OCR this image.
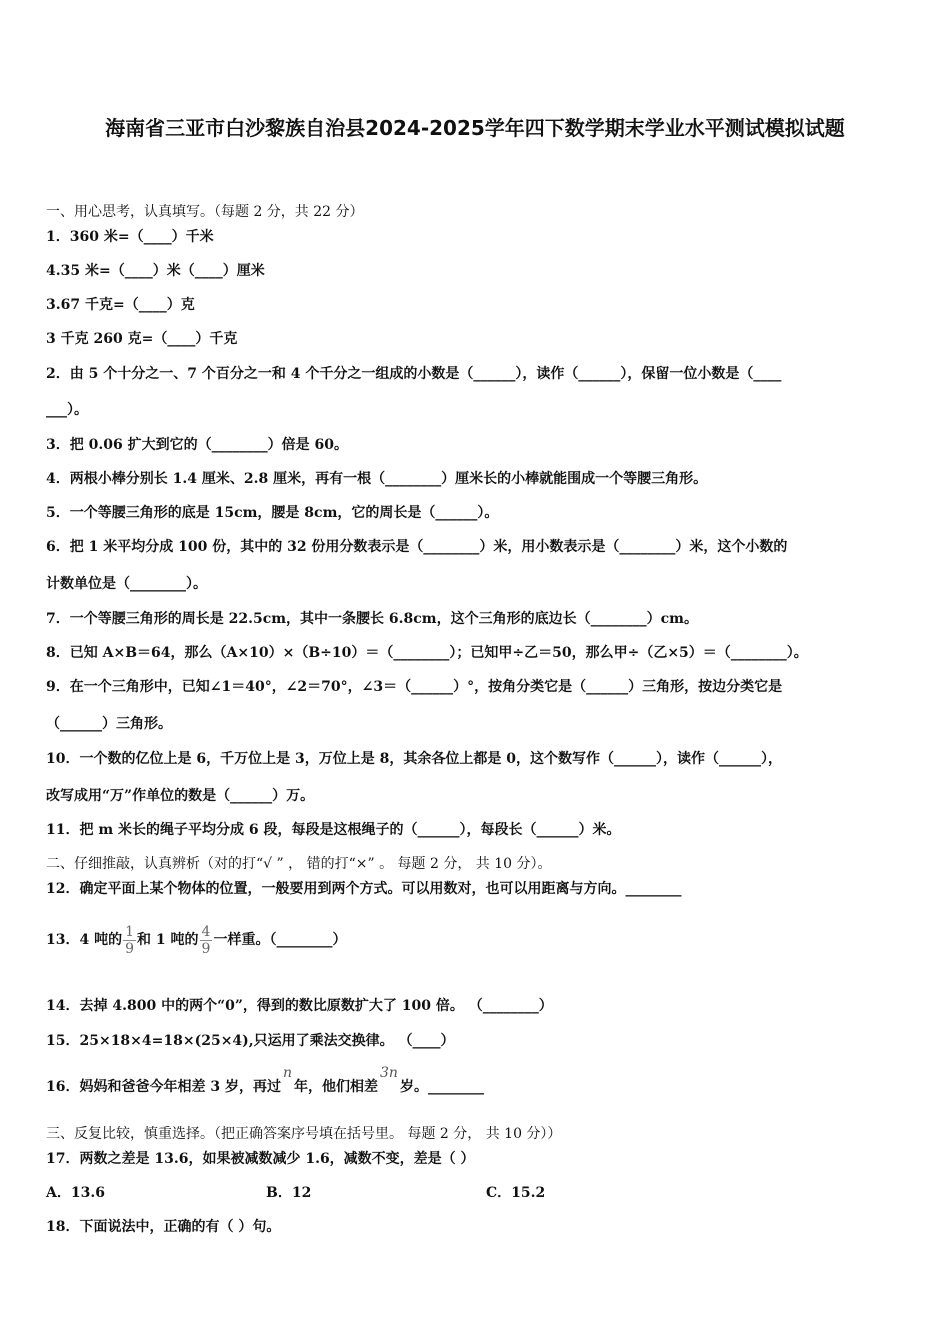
海南省三亚市白沙黎族自治县2024-2025学年四下数学期末学业水平测试模拟试题
一、用心思考，认真填写。（每题 2 分，共 22 分）
1．360 米=（____）千米
4.35 米=（____）米（____）厘米
3.67 千克=（____）克
3 千克 260 克=（____）千克
2．由 5 个十分之一、7 个百分之一和 4 个千分之一组成的小数是（______），读作（______），保留一位小数是（____
___）。
3．把 0.06 扩大到它的（________）倍是 60。
4．两根小棒分别长 1.4 厘米、2.8 厘米，再有一根（________）厘米长的小棒就能围成一个等腰三角形。
5．一个等腰三角形的底是 15cm，腰是 8cm，它的周长是（______）。
6．把 1 米平均分成 100 份，其中的 32 份用分数表示是（________）米，用小数表示是（________）米，这个小数的
计数单位是（________）。
7．一个等腰三角形的周长是 22.5cm，其中一条腰长 6.8cm，这个三角形的底边长（________）cm。
8．已知 A×B＝64，那么（A×10）×（B÷10）＝（________）；已知甲÷乙＝50，那么甲÷（乙×5）＝（________）。
9．在一个三角形中，已知∠1＝40°，∠2＝70°，∠3＝（______）°，按角分类它是（______）三角形，按边分类它是
（______）三角形。
10．一个数的亿位上是 6，千万位上是 3，万位上是 8，其余各位上都是 0，这个数写作（______），读作（______），
改写成用“万”作单位的数是（______）万。
11．把 m 米长的绳子平均分成 6 段，每段是这根绳子的（______），每段长（______）米。
二、仔细推敲，认真辨析（对的打“√ ” ， 错的打“×” 。 每题 2 分， 共 10 分）。
12．确定平面上某个物体的位置，一般要用到两个方式。可以用数对，也可以用距离与方向。________
13．4 吨的 $\frac{1}{9}$ 和 1 吨的 $\frac{4}{9}$ 一样重。（________）
14．去掉 4.800 中的两个“0”，得到的数比原数扩大了 100 倍。 （________）
15．25×18×4=18×(25×4),只运用了乘法交换律。 （____）
16．妈妈和爸爸今年相差 3 岁，再过n年，他们相差3n岁。________
三、反复比较，慎重选择。（把正确答案序号填在括号里。 每题 2 分， 共 10 分））
17．两数之差是 13.6，如果被减数减少 1.6，减数不变，差是（ ）
A．13.6	B．12	C．15.2
18．下面说法中，正确的有（ ）句。
